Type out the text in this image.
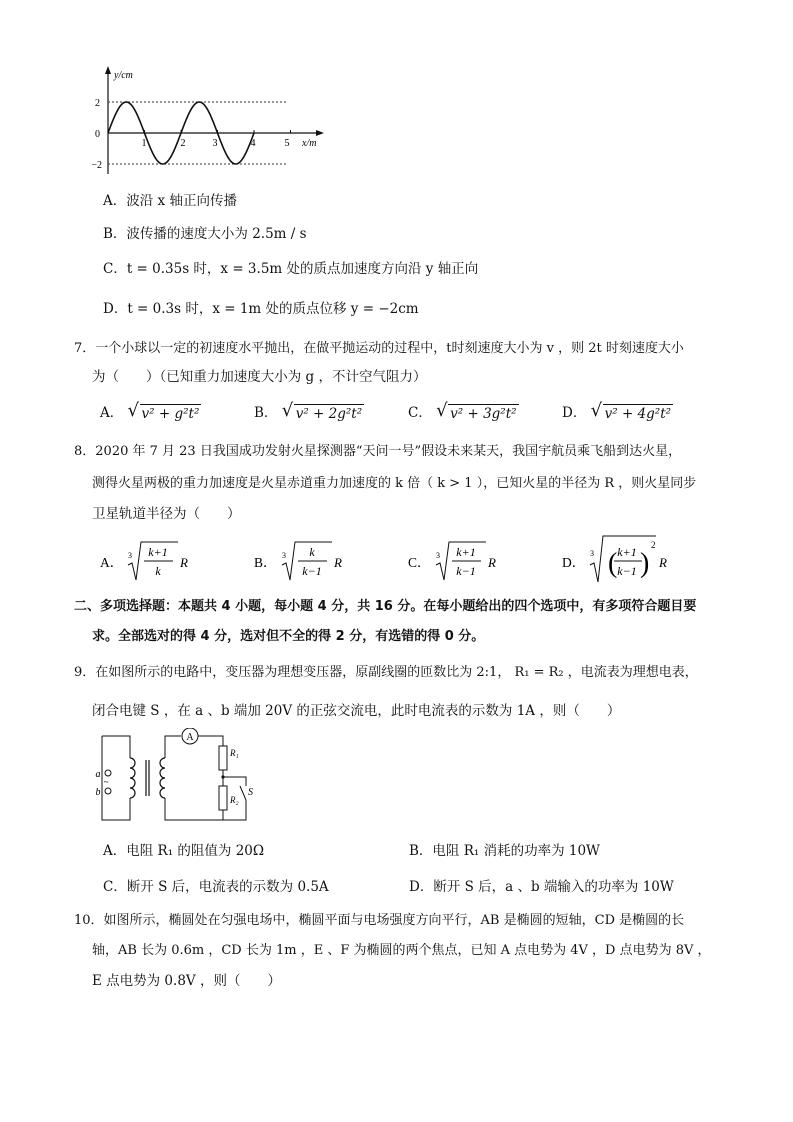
y/cm
x/m
2
0
−2
1	2	3	4	5
A．波沿 x 轴正向传播
B．波传播的速度大小为 2.5m / s
C．t = 0.35s 时，x = 3.5m 处的质点加速度方向沿 y 轴正向
D．t = 0.3s 时，x = 1m 处的质点位移 y = −2cm
7．一个小球以一定的初速度水平抛出，在做平抛运动的过程中，t时刻速度大小为 v ，则 2t 时刻速度大小
为（　　）（已知重力加速度大小为 g ，不计空气阻力）
A． √ v² + g²t²	B． √ v² + 2g²t²	C． √ v² + 3g²t²	D． √ v² + 4g²t²
8．2020 年 7 月 23 日我国成功发射火星探测器“天问一号”假设未来某天，我国宇航员乘飞船到达火星，
测得火星两极的重力加速度是火星赤道重力加速度的 k 倍（ k > 1 ），已知火星的半径为 R ，则火星同步
卫星轨道半径为（　　）
A． 3 k+1
k
R	B． 3 k
k−1
R	C． 3 k+1
k−1
R	D．
3 ( k+1
k−1 )
2
R
二、多项选择题：本题共 4 小题，每小题 4 分，共 16 分。在每小题给出的四个选项中，有多项符合题目要
求。全部选对的得 4 分，选对但不全的得 2 分，有选错的得 0 分。
9．在如图所示的电路中，变压器为理想变压器，原副线圈的匝数比为 2:1， R₁ = R₂ ，电流表为理想电表，
闭合电键 S ，在 a 、b 端加 20V 的正弦交流电，此时电流表的示数为 1A ，则（　　）
A
R₁
R₂
S
a
~
b
A．电阻 R₁ 的阻值为 20Ω	B．电阻 R₁ 消耗的功率为 10W
C．断开 S 后，电流表的示数为 0.5A	D．断开 S 后，a 、b 端输入的功率为 10W
10．如图所示，椭圆处在匀强电场中，椭圆平面与电场强度方向平行，AB 是椭圆的短轴，CD 是椭圆的长
轴，AB 长为 0.6m ，CD 长为 1m ，E 、F 为椭圆的两个焦点，已知 A 点电势为 4V ，D 点电势为 8V ，
E 点电势为 0.8V ，则（　　）
